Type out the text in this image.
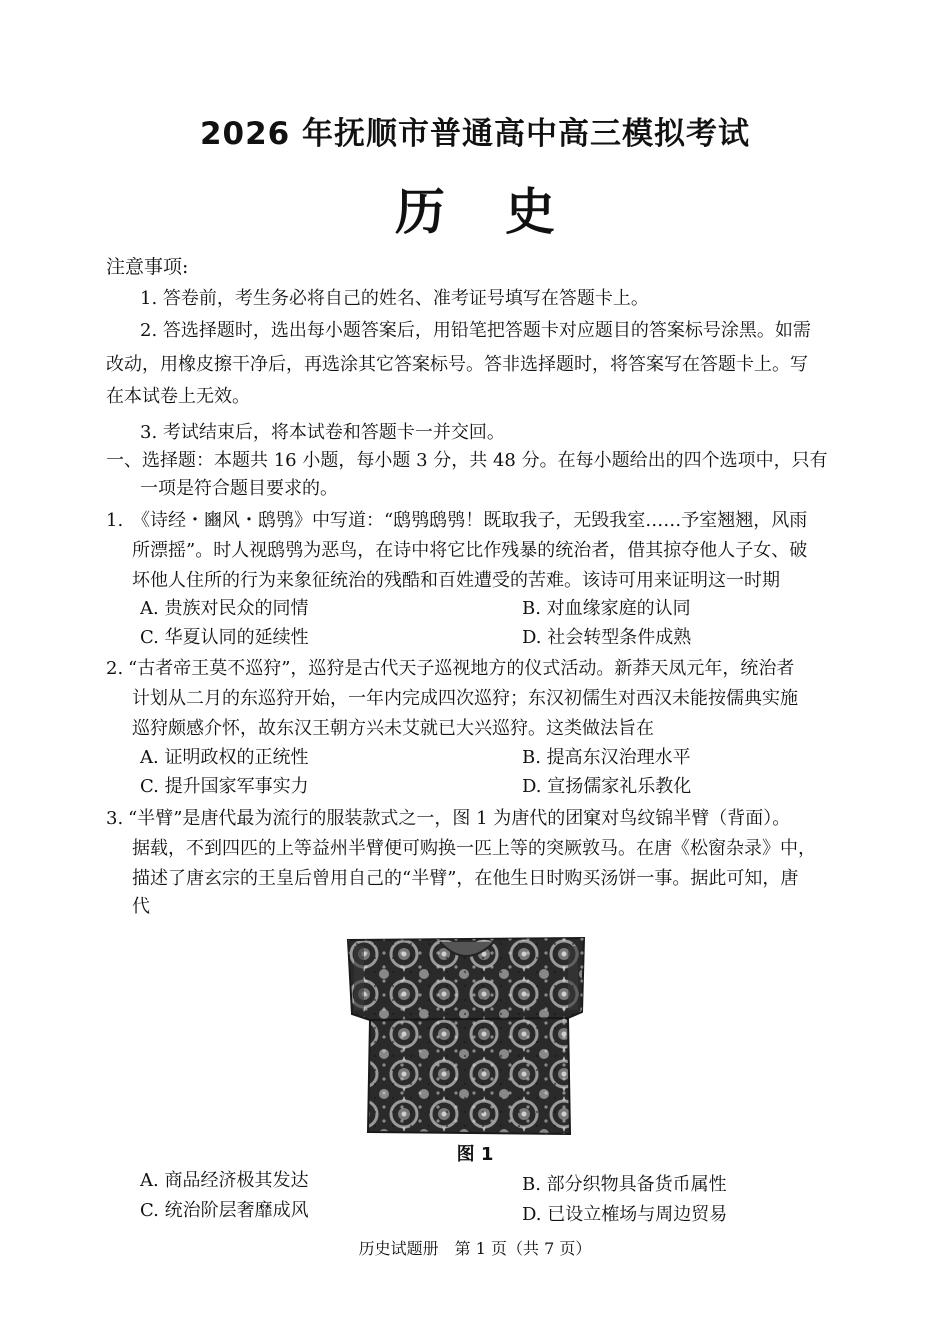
2026 年抚顺市普通高中高三模拟考试
历史
注意事项:
1. 答卷前，考生务必将自己的姓名、准考证号填写在答题卡上。
2. 答选择题时，选出每小题答案后，用铅笔把答题卡对应题目的答案标号涂黑。如需
改动，用橡皮擦干净后，再选涂其它答案标号。答非选择题时，将答案写在答题卡上。写
在本试卷上无效。
3. 考试结束后，将本试卷和答题卡一并交回。
一、选择题：本题共 16 小题，每小题 3 分，共 48 分。在每小题给出的四个选项中，只有
一项是符合题目要求的。
1. 《诗经・豳风・鸱鸮》中写道：“鸱鸮鸱鸮！既取我子，无毁我室……予室翘翘，风雨
所漂摇”。时人视鸱鸮为恶鸟，在诗中将它比作残暴的统治者，借其掠夺他人子女、破
坏他人住所的行为来象征统治的残酷和百姓遭受的苦难。该诗可用来证明这一时期
A. 贵族对民众的同情	B. 对血缘家庭的认同
C. 华夏认同的延续性	D. 社会转型条件成熟
2. “古者帝王莫不巡狩”，巡狩是古代天子巡视地方的仪式活动。新莽天凤元年，统治者
计划从二月的东巡狩开始，一年内完成四次巡狩；东汉初儒生对西汉未能按儒典实施
巡狩颇感介怀，故东汉王朝方兴未艾就已大兴巡狩。这类做法旨在
A. 证明政权的正统性	B. 提高东汉治理水平
C. 提升国家军事实力	D. 宣扬儒家礼乐教化
3. “半臂”是唐代最为流行的服装款式之一，图 1 为唐代的团窠对鸟纹锦半臂（背面）。
据载，不到四匹的上等益州半臂便可购换一匹上等的突厥敦马。在唐《松窗杂录》中，
描述了唐玄宗的王皇后曾用自己的“半臂”，在他生日时购买汤饼一事。据此可知，唐
代
图 1
A. 商品经济极其发达	B. 部分织物具备货币属性
C. 统治阶层奢靡成风	D. 已设立榷场与周边贸易
历史试题册　第 1 页（共 7 页）
